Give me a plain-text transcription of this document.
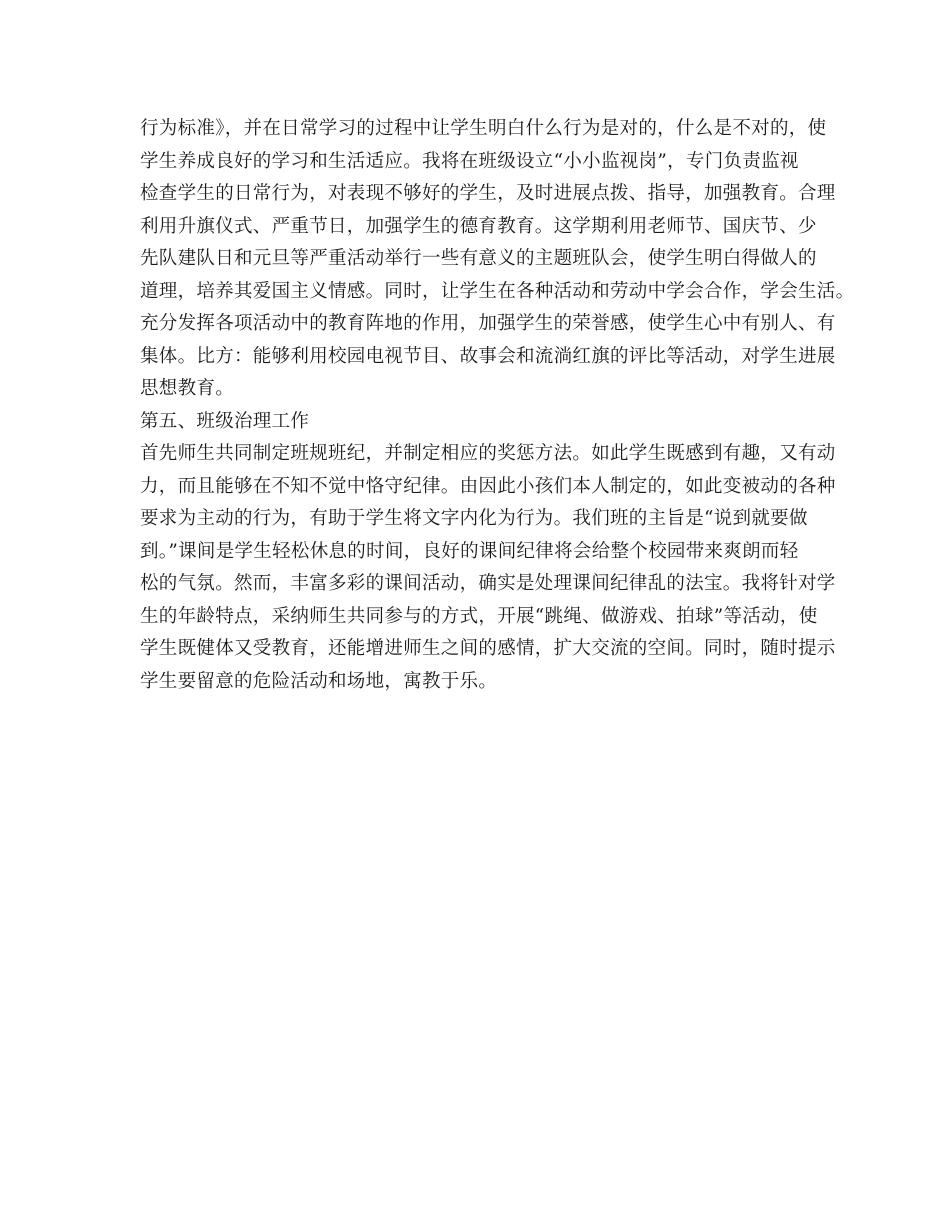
行为标准》，并在日常学习的过程中让学生明白什么行为是对的，什么是不对的，使
学生养成良好的学习和生活适应。我将在班级设立“小小监视岗”，专门负责监视
检查学生的日常行为，对表现不够好的学生，及时进展点拨、指导，加强教育。合理
利用升旗仪式、严重节日，加强学生的德育教育。这学期利用老师节、国庆节、少
先队建队日和元旦等严重活动举行一些有意义的主题班队会，使学生明白得做人的
道理，培养其爱国主义情感。同时，让学生在各种活动和劳动中学会合作，学会生活。
充分发挥各项活动中的教育阵地的作用，加强学生的荣誉感，使学生心中有别人、有
集体。比方：能够利用校园电视节目、故事会和流淌红旗的评比等活动，对学生进展
思想教育。
第五、班级治理工作
首先师生共同制定班规班纪，并制定相应的奖惩方法。如此学生既感到有趣，又有动
力，而且能够在不知不觉中恪守纪律。由因此小孩们本人制定的，如此变被动的各种
要求为主动的行为，有助于学生将文字内化为行为。我们班的主旨是“说到就要做
到。”课间是学生轻松休息的时间，良好的课间纪律将会给整个校园带来爽朗而轻
松的气氛。然而，丰富多彩的课间活动，确实是处理课间纪律乱的法宝。我将针对学
生的年龄特点，采纳师生共同参与的方式，开展“跳绳、做游戏、拍球”等活动，使
学生既健体又受教育，还能增进师生之间的感情，扩大交流的空间。同时，随时提示
学生要留意的危险活动和场地，寓教于乐。
